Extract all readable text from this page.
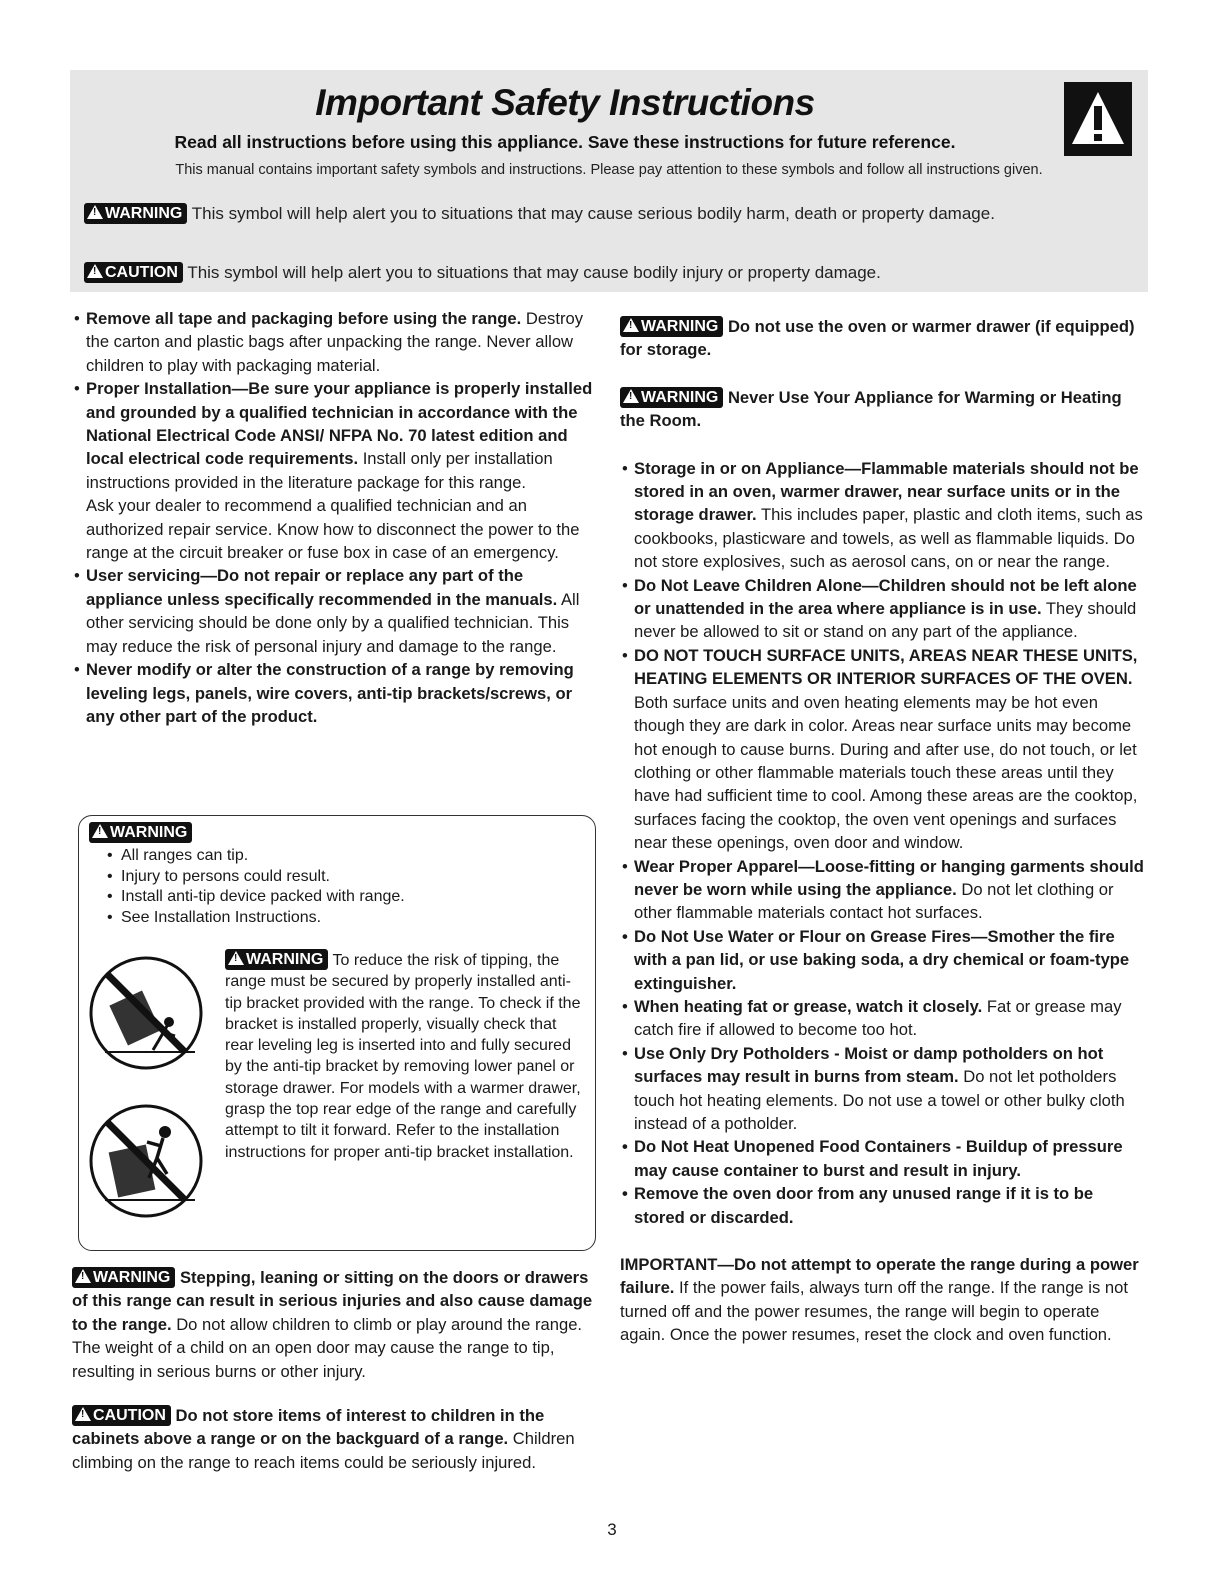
Important Safety Instructions
Read all instructions before using this appliance. Save these instructions for future reference.
This manual contains important safety symbols and instructions. Please pay attention to these symbols and follow all instructions given.
!WARNING This symbol will help alert you to situations that may cause serious bodily harm, death or property damage.
!CAUTION This symbol will help alert you to situations that may cause bodily injury or property damage.

• Remove all tape and packaging before using the range. Destroy the carton and plastic bags after unpacking the range. Never allow children to play with packaging material.

• Proper Installation—Be sure your appliance is properly installed and grounded by a qualified technician in accordance with the National Electrical Code ANSI/ NFPA No. 70 latest edition and local electrical code requirements. Install only per installation instructions provided in the literature package for this range.

Ask your dealer to recommend a qualified technician and an authorized repair service. Know how to disconnect the power to the range at the circuit breaker or fuse box in case of an emergency.

• User servicing—Do not repair or replace any part of the appliance unless specifically recommended in the manuals. All other servicing should be done only by a qualified technician. This may reduce the risk of personal injury and damage to the range.

• Never modify or alter the construction of a range by removing leveling legs, panels, wire covers, anti-tip brackets/screws, or any other part of the product.

!WARNING
• All ranges can tip.
• Injury to persons could result.
• Install anti-tip device packed with range.
• See Installation Instructions.
!WARNING To reduce the risk of tipping, the range must be secured by properly installed anti-tip bracket provided with the range. To check if the bracket is installed properly, visually check that rear leveling leg is inserted into and fully secured by the anti-tip bracket by removing lower panel or storage drawer. For models with a warmer drawer, grasp the top rear edge of the range and carefully attempt to tilt it forward. Refer to the installation instructions for proper anti-tip bracket installation.

!WARNING Stepping, leaning or sitting on the doors or drawers of this range can result in serious injuries and also cause damage to the range. Do not allow children to climb or play around the range. The weight of a child on an open door may cause the range to tip, resulting in serious burns or other injury.

!CAUTION Do not store items of interest to children in the cabinets above a range or on the backguard of a range. Children climbing on the range to reach items could be seriously injured.

!WARNING Do not use the oven or warmer drawer (if equipped) for storage.

!WARNING Never Use Your Appliance for Warming or Heating the Room.

• Storage in or on Appliance—Flammable materials should not be stored in an oven, warmer drawer, near surface units or in the storage drawer. This includes paper, plastic and cloth items, such as cookbooks, plasticware and towels, as well as flammable liquids. Do not store explosives, such as aerosol cans, on or near the range.

• Do Not Leave Children Alone—Children should not be left alone or unattended in the area where appliance is in use. They should never be allowed to sit or stand on any part of the appliance.

• DO NOT TOUCH SURFACE UNITS, AREAS NEAR THESE UNITS, HEATING ELEMENTS OR INTERIOR SURFACES OF THE OVEN. Both surface units and oven heating elements may be hot even though they are dark in color. Areas near surface units may become hot enough to cause burns. During and after use, do not touch, or let clothing or other flammable materials touch these areas until they have had sufficient time to cool. Among these areas are the cooktop, surfaces facing the cooktop, the oven vent openings and surfaces near these openings, oven door and window.

• Wear Proper Apparel—Loose-fitting or hanging garments should never be worn while using the appliance. Do not let clothing or other flammable materials contact hot surfaces.

• Do Not Use Water or Flour on Grease Fires—Smother the fire with a pan lid, or use baking soda, a dry chemical or foam-type extinguisher.

• When heating fat or grease, watch it closely. Fat or grease may catch fire if allowed to become too hot.

• Use Only Dry Potholders - Moist or damp potholders on hot surfaces may result in burns from steam. Do not let potholders touch hot heating elements. Do not use a towel or other bulky cloth instead of a potholder.

• Do Not Heat Unopened Food Containers - Buildup of pressure may cause container to burst and result in injury.

• Remove the oven door from any unused range if it is to be stored or discarded.

IMPORTANT—Do not attempt to operate the range during a power failure. If the power fails, always turn off the range. If the range is not turned off and the power resumes, the range will begin to operate again. Once the power resumes, reset the clock and oven function.

3
